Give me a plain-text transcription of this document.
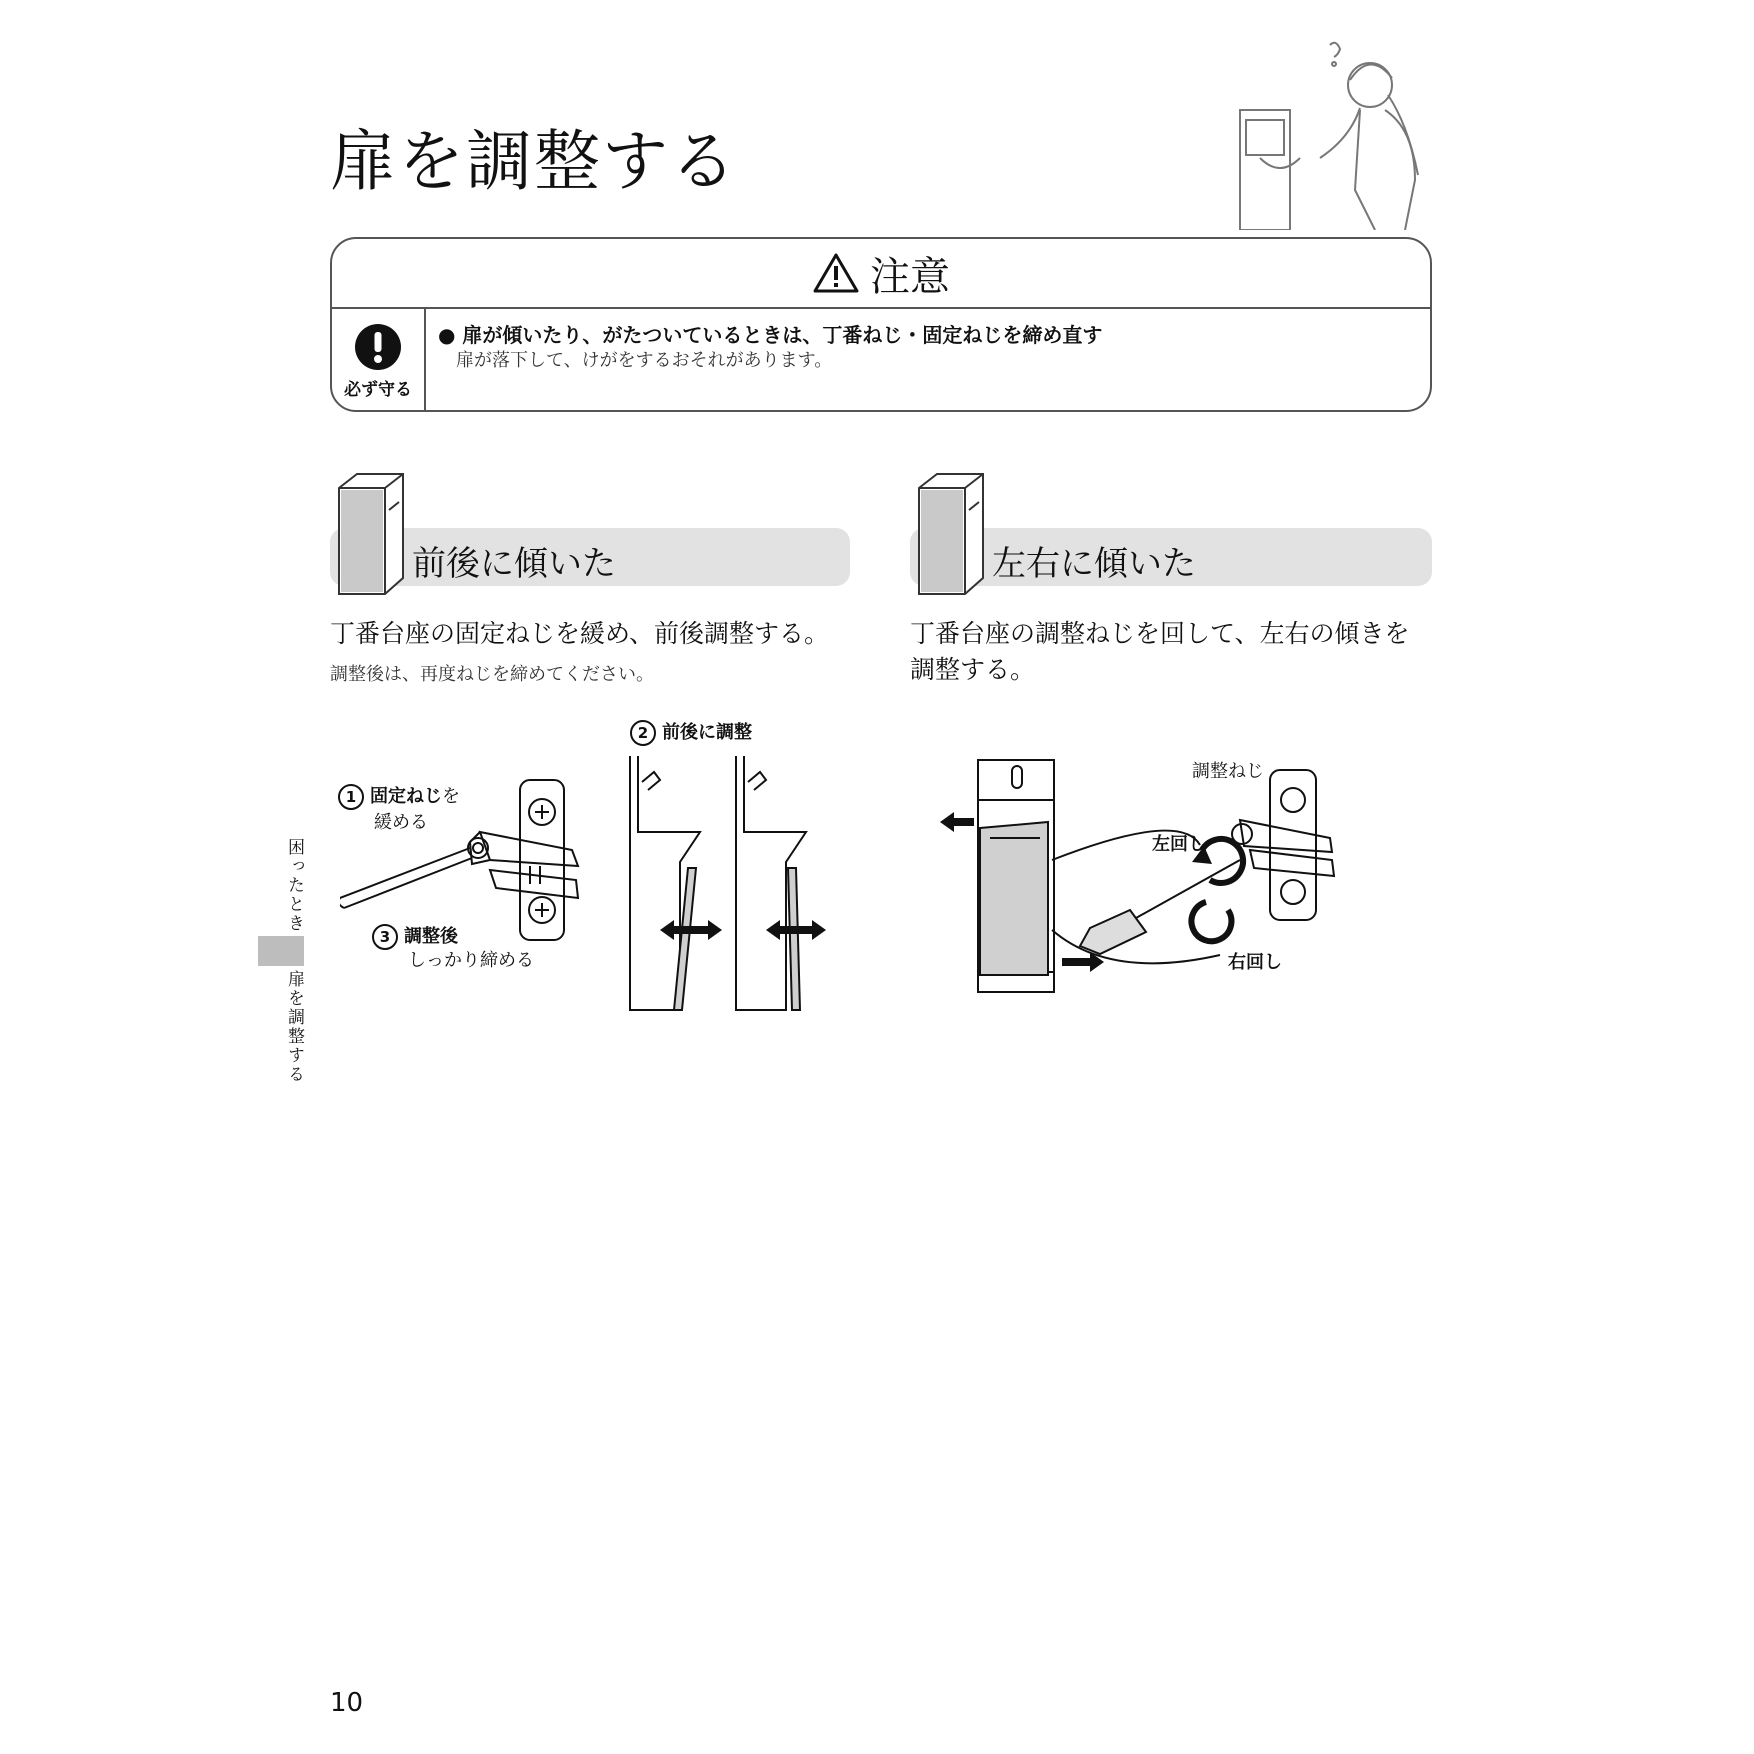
扉を調整する
注意
必ず守る
● 扉が傾いたり、がたついているときは、丁番ねじ・固定ねじを締め直す
扉が落下して、けがをするおそれがあります。
前後に傾いた	左右に傾いた
丁番台座の固定ねじを緩め、前後調整する。
調整後は、再度ねじを締めてください。
丁番台座の調整ねじを回して、左右の傾きを
調整する。
1 固定ねじを
緩める
3 調整後
しっかり締める
2 前後に調整
調整ねじ
左回し
右回し
困ったとき
扉を調整する
10
